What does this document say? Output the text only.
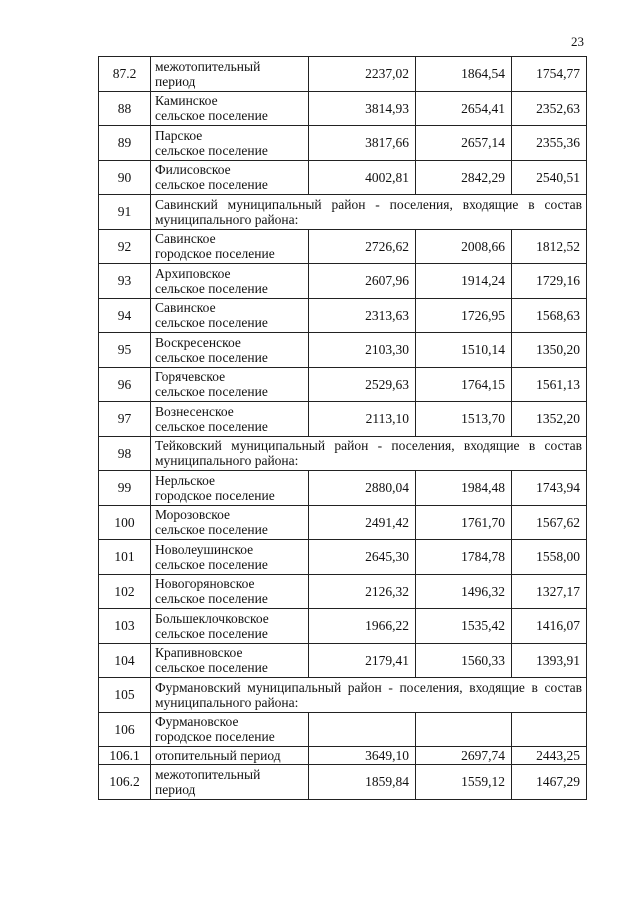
23
87.2	межотопительный
период	2237,02	1864,54	1754,77
88	Каминское
сельское поселение	3814,93	2654,41	2352,63
89	Парское
сельское поселение	3817,66	2657,14	2355,36
90	Филисовское
сельское поселение	4002,81	2842,29	2540,51
91	Савинский муниципальный район - поселения, входящие в состав муниципального района:			
92	Савинское
городское поселение	2726,62	2008,66	1812,52
93	Архиповское
сельское поселение	2607,96	1914,24	1729,16
94	Савинское
сельское поселение	2313,63	1726,95	1568,63
95	Воскресенское
сельское поселение	2103,30	1510,14	1350,20
96	Горячевское
сельское поселение	2529,63	1764,15	1561,13
97	Вознесенское
сельское поселение	2113,10	1513,70	1352,20
98	Тейковский муниципальный район - поселения, входящие в состав муниципального района:			
99	Нерльское
городское поселение	2880,04	1984,48	1743,94
100	Морозовское
сельское поселение	2491,42	1761,70	1567,62
101	Новолеушинское
сельское поселение	2645,30	1784,78	1558,00
102	Новогоряновское
сельское поселение	2126,32	1496,32	1327,17
103	Большеклочковское
сельское поселение	1966,22	1535,42	1416,07
104	Крапивновское
сельское поселение	2179,41	1560,33	1393,91
105	Фурмановский муниципальный район - поселения, входящие в состав муниципального района:			
106	Фурмановское
городское поселение			

106.1	отопительный период	3649,10	2697,74	2443,25
106.2	межотопительный
период	1859,84	1559,12	1467,29
